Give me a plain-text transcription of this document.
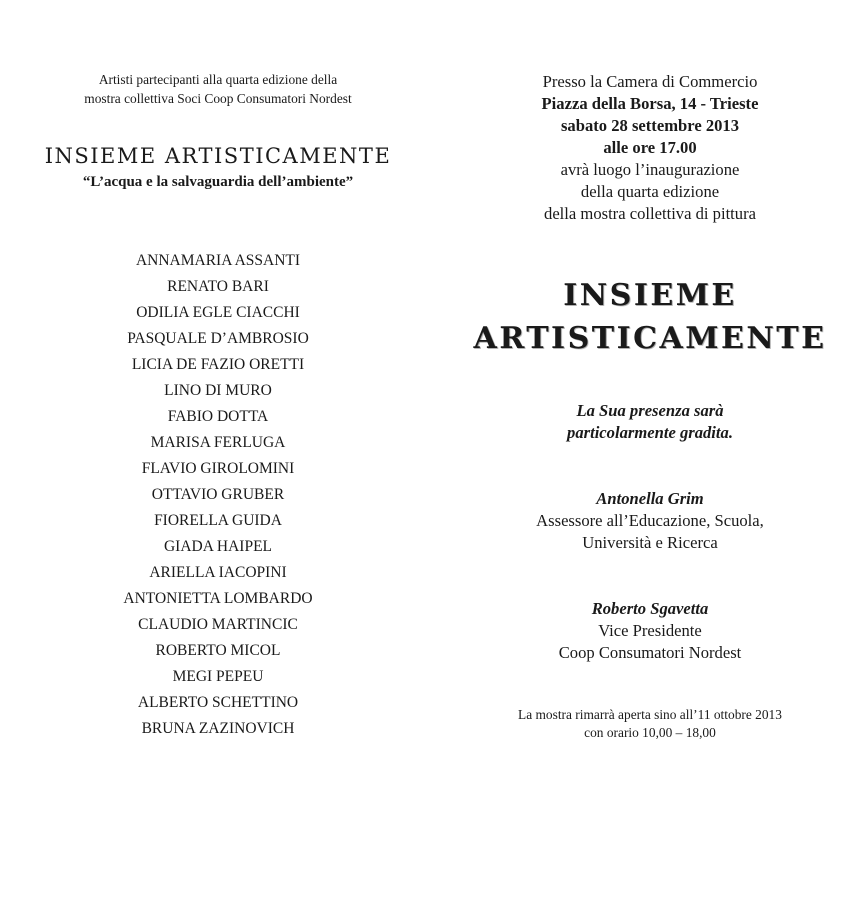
Artisti partecipanti alla quarta edizione della
mostra collettiva Soci Coop Consumatori Nordest
INSIEME ARTISTICAMENTE
“L’acqua e la salvaguardia dell’ambiente”
ANNAMARIA ASSANTI
RENATO BARI
ODILIA EGLE CIACCHI
PASQUALE D’AMBROSIO
LICIA DE FAZIO ORETTI
LINO DI MURO
FABIO DOTTA
MARISA FERLUGA
FLAVIO GIROLOMINI
OTTAVIO GRUBER
FIORELLA GUIDA
GIADA HAIPEL
ARIELLA IACOPINI
ANTONIETTA LOMBARDO
CLAUDIO MARTINCIC
ROBERTO MICOL
MEGI PEPEU
ALBERTO SCHETTINO
BRUNA ZAZINOVICH
Presso la Camera di Commercio
Piazza della Borsa, 14 - Trieste
sabato 28 settembre 2013
alle ore 17.00
avrà luogo l’inaugurazione
della quarta edizione
della mostra collettiva di pittura
INSIEME
ARTISTICAMENTE
La Sua presenza sarà
particolarmente gradita.
Antonella Grim
Assessore all’Educazione, Scuola,
Università e Ricerca
Roberto Sgavetta
Vice Presidente
Coop Consumatori Nordest
La mostra rimarrà aperta sino all’11 ottobre 2013
con orario 10,00 – 18,00
